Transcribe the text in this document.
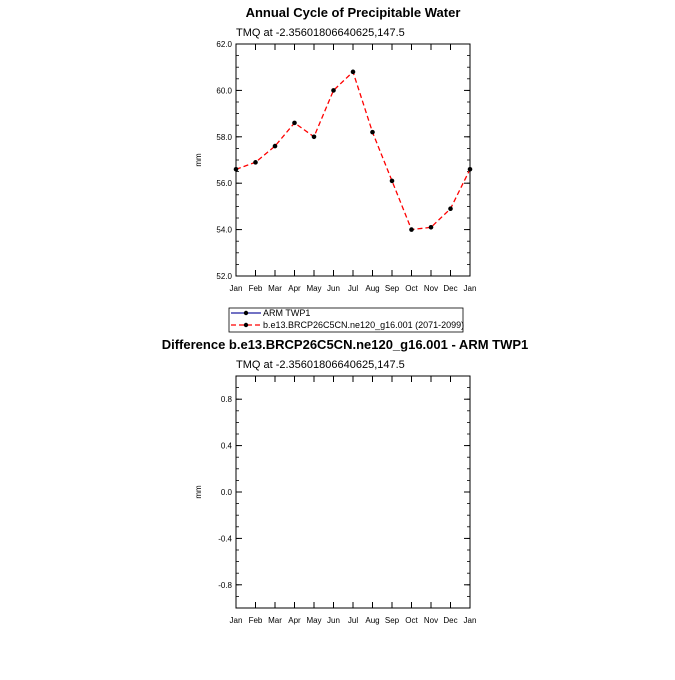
Annual Cycle of Precipitable Water
TMQ at -2.35601806640625,147.5
mm
52.0
54.0
56.0
58.0
60.0
62.0
Jan Feb Mar Apr May Jun Jul Aug Sep Oct Nov Dec Jan
ARM TWP1
b.e13.BRCP26C5CN.ne120_g16.001 (2071-2099)
Difference b.e13.BRCP26C5CN.ne120_g16.001 - ARM TWP1
TMQ at -2.35601806640625,147.5
mm
-0.8
-0.4
0.0
0.4
0.8
Jan Feb Mar Apr May Jun Jul Aug Sep Oct Nov Dec Jan
